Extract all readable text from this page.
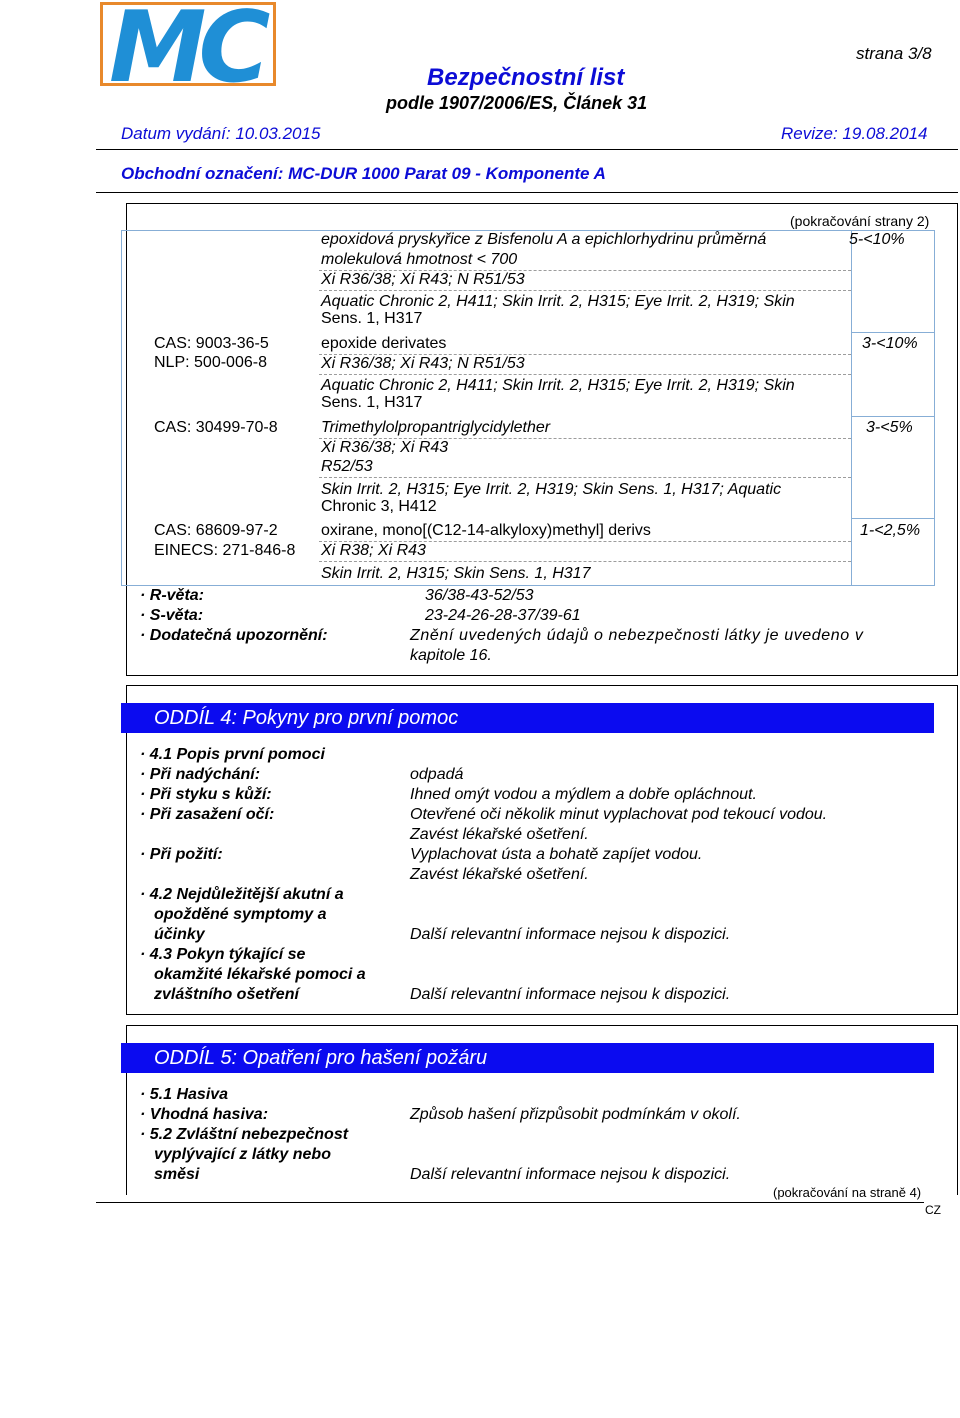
MC	strana 3/8
Bezpečnostní list
podle 1907/2006/ES, Článek 31
Datum vydání: 10.03.2015	Revize: 19.08.2014
Obchodní označení: MC-DUR 1000 Parat 09 - Komponente A
(pokračování strany 2)
epoxidová pryskyřice z Bisfenolu A a epichlorhydrinu průměrná
molekulová hmotnost < 700
Xi R36/38; Xi R43; N R51/53
Aquatic Chronic 2, H411; Skin Irrit. 2, H315; Eye Irrit. 2, H319; Skin
Sens. 1, H317
5-<10%
CAS: 9003-36-5
NLP: 500-006-8
epoxide derivates
Xi R36/38; Xi R43; N R51/53
Aquatic Chronic 2, H411; Skin Irrit. 2, H315; Eye Irrit. 2, H319; Skin
Sens. 1, H317
3-<10%
CAS: 30499-70-8	Trimethylolpropantriglycidylether
Xi R36/38; Xi R43
R52/53
Skin Irrit. 2, H315; Eye Irrit. 2, H319; Skin Sens. 1, H317; Aquatic
Chronic 3, H412
3-<5%
CAS: 68609-97-2
EINECS: 271-846-8
oxirane, mono[(C12-14-alkyloxy)methyl] derivs
Xi R38; Xi R43
Skin Irrit. 2, H315; Skin Sens. 1, H317
1-<2,5%
· R-věta:	36/38-43-52/53
· S-věta:	23-24-26-28-37/39-61
· Dodatečná upozornění:	Znění uvedených údajů o nebezpečnosti látky je uvedeno v
kapitole 16.
ODDÍL 4: Pokyny pro první pomoc
· 4.1 Popis první pomoci
· Při nadýchání:	odpadá
· Při styku s kůží:	Ihned omýt vodou a mýdlem a dobře opláchnout.
· Při zasažení očí:	Otevřené oči několik minut vyplachovat pod tekoucí vodou.
Zavést lékařské ošetření.
· Při požití:	Vyplachovat ústa a bohatě zapíjet vodou.
Zavést lékařské ošetření.
· 4.2 Nejdůležitější akutní a
opožděné symptomy a
účinky	Další relevantní informace nejsou k dispozici.
· 4.3 Pokyn týkající se
okamžité lékařské pomoci a
zvláštního ošetření	Další relevantní informace nejsou k dispozici.
ODDÍL 5: Opatření pro hašení požáru
· 5.1 Hasiva
· Vhodná hasiva:	Způsob hašení přizpůsobit podmínkám v okolí.
· 5.2 Zvláštní nebezpečnost
vyplývající z látky nebo
směsi	Další relevantní informace nejsou k dispozici.
(pokračování na straně 4)
CZ
